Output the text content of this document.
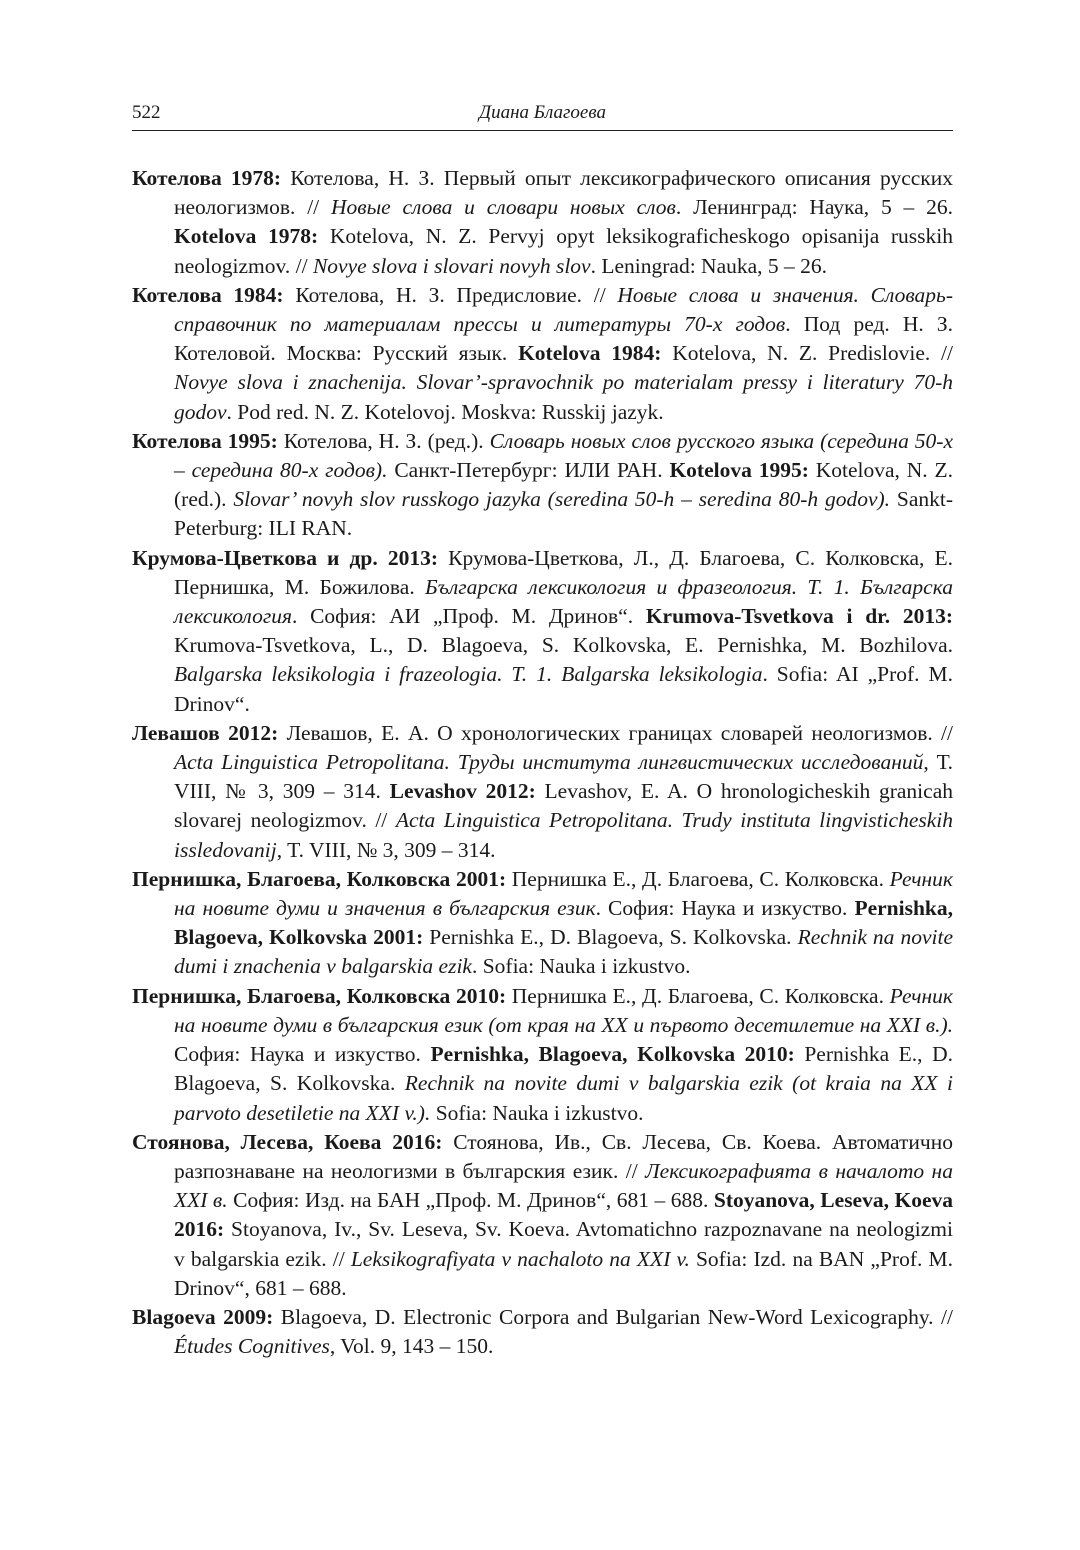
522	Диана Благоева

Котелова 1978: Котелова, Н. З. Первый опыт лексикографического описания русских неологизмов. // Новые слова и словари новых слов. Ленинград: Наука, 5 – 26. Kotelova 1978: Kotelova, N. Z. Pervyj opyt leksikograficheskogo opisanija russkih neologizmov. // Novye slova i slovari novyh slov. Leningrad: Nauka, 5 – 26.

Котелова 1984: Котелова, Н. З. Предисловие. // Новые слова и значения. Словарь-справочник по материалам прессы и литературы 70-х годов. Под ред. Н. З. Котеловой. Москва: Русский язык. Kotelova 1984: Kotelova, N. Z. Predislovie. // Novye slova i znachenija. Slovar’-spravochnik po materialam pressy i literatury 70-h godov. Pod red. N. Z. Kotelovoj. Moskva: Russkij jazyk.

Котелова 1995: Котелова, Н. З. (ред.). Словарь новых слов русского языка (середина 50-х – середина 80-х годов). Санкт-Петербург: ИЛИ РАН. Kotelova 1995: Kotelova, N. Z. (red.). Slovar’ novyh slov russkogo jazyka (seredina 50-h – seredina 80-h godov). Sankt-Peterburg: ILI RAN.

Крумова-Цветкова и др. 2013: Крумова-Цветкова, Л., Д. Благоева, С. Колковска, Е. Пернишка, М. Божилова. Българска лексикология и фразеология. Т. 1. Българска лексикология. София: АИ „Проф. М. Дринов“. Krumova-Tsvetkova i dr. 2013: Krumova-Tsvetkova, L., D. Blagoeva, S. Kolkovska, E. Pernishka, M. Bozhilova. Balgarska leksikologia i frazeologia. T. 1. Balgarska leksikologia. Sofia: AI „Prof. M. Drinov“.

Левашов 2012: Левашов, Е. А. О хронологических границах словарей неологизмов. // Acta Linguistica Petropolitana. Труды института лингвистических исследований, Т. VIII, № 3, 309 – 314. Levashov 2012: Levashov, E. A. O hronologicheskih granicah slovarej neologizmov. // Acta Linguistica Petropolitana. Trudy instituta lingvisticheskih issledovanij, T. VIII, № 3, 309 – 314.

Пернишка, Благоева, Колковска 2001: Пернишка Е., Д. Благоева, С. Колковска. Речник на новите думи и значения в българския език. София: Наука и изкуство. Pernishka, Blagoeva, Kolkovska 2001: Pernishka E., D. Blagoeva, S. Kolkovska. Rechnik na novite dumi i znachenia v balgarskia ezik. Sofia: Nauka i izkustvo.

Пернишка, Благоева, Колковска 2010: Пернишка Е., Д. Благоева, С. Колковска. Речник на новите думи в българския език (от края на ХХ и първото десетилетие на XXI в.). София: Наука и изкуство. Pernishka, Blagoeva, Kolkovska 2010: Pernishka E., D. Blagoeva, S. Kolkovska. Rechnik na novite dumi v balgarskia ezik (ot kraia na XX i parvoto desetiletie na XXI v.). Sofia: Nauka i izkustvo.

Стоянова, Лесева, Коева 2016: Стоянова, Ив., Св. Лесева, Св. Коева. Автоматично разпознаване на неологизми в българския език. // Лексикографията в началото на XXI в. София: Изд. на БАН „Проф. М. Дринов“, 681 – 688. Stoyanova, Leseva, Koeva 2016: Stoyanova, Iv., Sv. Leseva, Sv. Koeva. Avtomatichno razpoznavane na neologizmi v balgarskia ezik. // Leksikografiyata v nachaloto na XXI v. Sofia: Izd. na BAN „Prof. M. Drinov“, 681 – 688.

Blagoeva 2009: Blagoeva, D. Electronic Corpora and Bulgarian New-Word Lexicography. // Études Cognitives, Vol. 9, 143 – 150.
